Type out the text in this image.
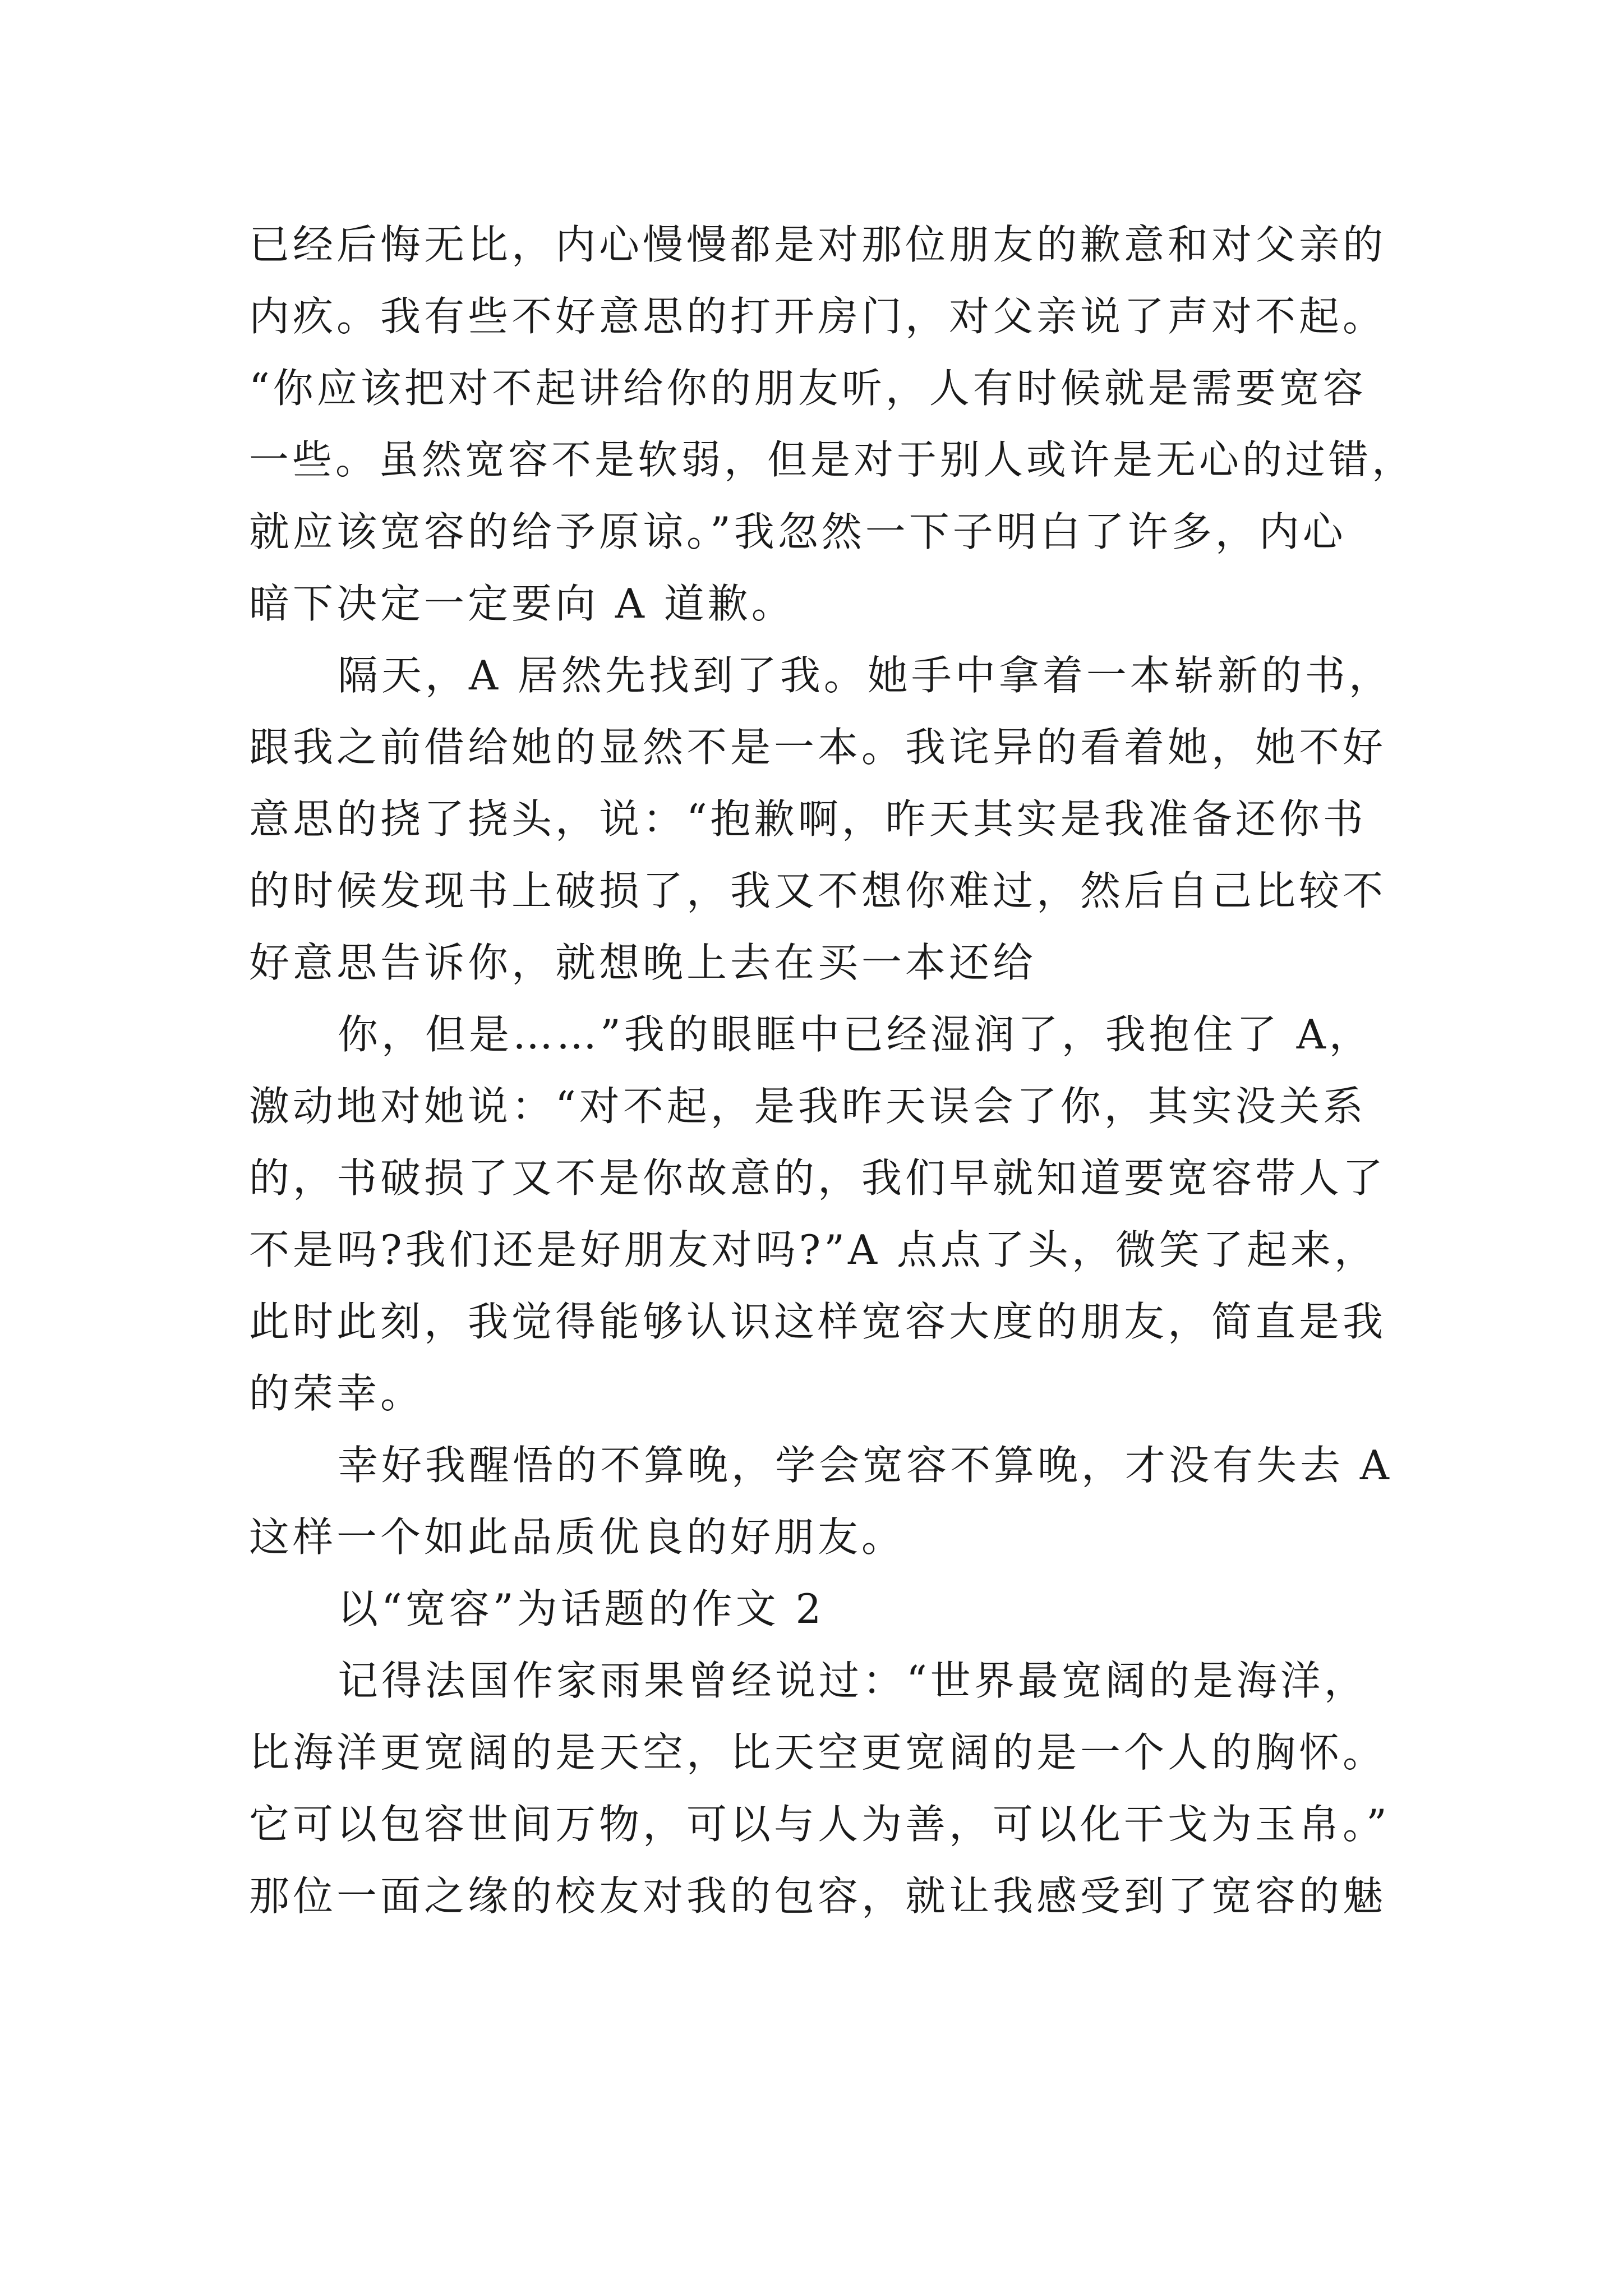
已经后悔无比，内心慢慢都是对那位朋友的歉意和对父亲的
内疚。我有些不好意思的打开房门，对父亲说了声对不起。
“你应该把对不起讲给你的朋友听，人有时候就是需要宽容
一些。虽然宽容不是软弱，但是对于别人或许是无心的过错，
就应该宽容的给予原谅。”我忽然一下子明白了许多，内心
暗下决定一定要向 A 道歉。
隔天，A 居然先找到了我。她手中拿着一本崭新的书，
跟我之前借给她的显然不是一本。我诧异的看着她，她不好
意思的挠了挠头，说：“抱歉啊，昨天其实是我准备还你书
的时候发现书上破损了，我又不想你难过，然后自己比较不
好意思告诉你，就想晚上去在买一本还给
你，但是……”我的眼眶中已经湿润了，我抱住了 A，
激动地对她说：“对不起，是我昨天误会了你，其实没关系
的，书破损了又不是你故意的，我们早就知道要宽容带人了
不是吗?我们还是好朋友对吗?”A 点点了头，微笑了起来，
此时此刻，我觉得能够认识这样宽容大度的朋友，简直是我
的荣幸。
幸好我醒悟的不算晚，学会宽容不算晚，才没有失去 A
这样一个如此品质优良的好朋友。
以“宽容”为话题的作文 2
记得法国作家雨果曾经说过：“世界最宽阔的是海洋，
比海洋更宽阔的是天空，比天空更宽阔的是一个人的胸怀。
它可以包容世间万物，可以与人为善，可以化干戈为玉帛。”
那位一面之缘的校友对我的包容，就让我感受到了宽容的魅
